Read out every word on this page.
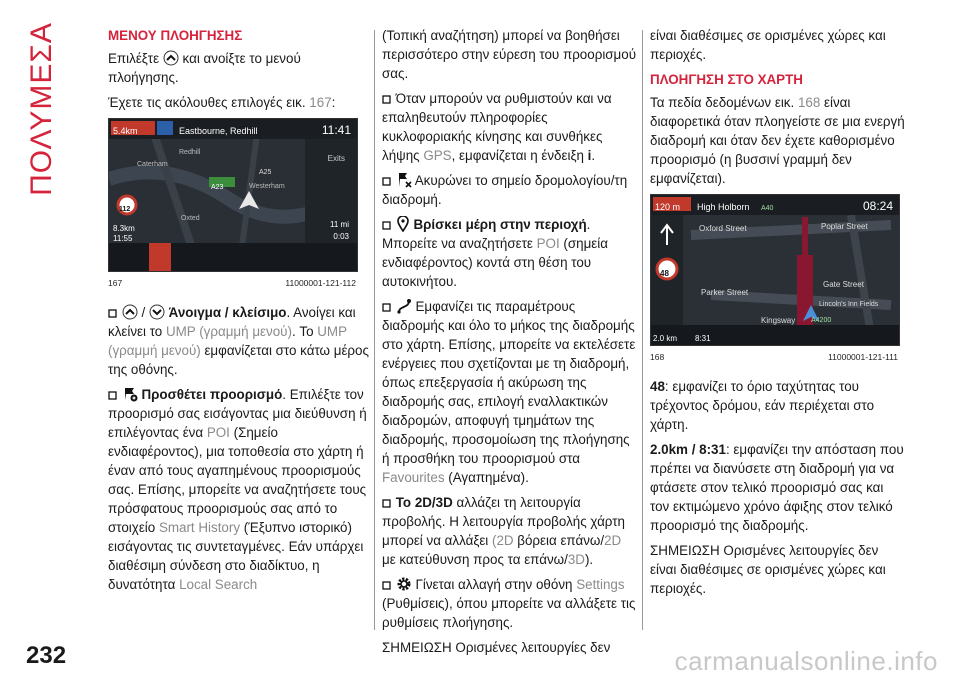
ΠΟΛΥΜΕΣΑ	ΜΕΝΟΥ ΠΛΟΗΓΗΣΗΣ

Επιλέξτε και ανοίξτε το μενού πλοήγησης.

Έχετε τις ακόλουθες επιλογές εικ. 167:

5.4km	Eastbourne, Redhill	11:41
Exits
A23
A25
112
8.3km
11:55	0:03
11 mi
Caterham
Redhill
Oxted
Westerham
167	11000001-121-112

/ Άνοιγμα / κλείσιμο. Ανοίγει και κλείνει το UMP (γραμμή μενού). Το UMP (γραμμή μενού) εμφανίζεται στο κάτω μέρος της οθόνης.

Προσθέτει προορισμό. Επιλέξτε τον προορισμό σας εισάγοντας μια διεύθυνση ή επιλέγοντας ένα POI (Σημείο ενδιαφέροντος), μια τοποθεσία στο χάρτη ή έναν από τους αγαπημένους προορισμούς σας. Επίσης, μπορείτε να αναζητήσετε τους πρόσφατους προορισμούς σας από το στοιχείο Smart History (Έξυπνο ιστορικό) εισάγοντας τις συντεταγμένες. Εάν υπάρχει διαθέσιμη σύνδεση στο διαδίκτυο, η δυνατότητα Local Search

(Τοπική αναζήτηση) μπορεί να βοηθήσει περισσότερο στην εύρεση του προορισμού σας.

Όταν μπορούν να ρυθμιστούν και να επαληθευτούν πληροφορίες κυκλοφοριακής κίνησης και συνθήκες λήψης GPS, εμφανίζεται η ένδειξη i.

Ακυρώνει το σημείο δρομολογίου/τη διαδρομή.

Βρίσκει μέρη στην περιοχή. Μπορείτε να αναζητήσετε POI (σημεία ενδιαφέροντος) κοντά στη θέση του αυτοκινήτου.

Εμφανίζει τις παραμέτρους διαδρομής και όλο το μήκος της διαδρομής στο χάρτη. Επίσης, μπορείτε να εκτελέσετε ενέργειες που σχετίζονται με τη διαδρομή, όπως επεξεργασία ή ακύρωση της διαδρομής σας, επιλογή εναλλακτικών διαδρομών, αποφυγή τμημάτων της διαδρομής, προσομοίωση της πλοήγησης ή προσθήκη του προορισμού στα Favourites (Αγαπημένα).

Το 2D/3D αλλάζει τη λειτουργία προβολής. Η λειτουργία προβολής χάρτη μπορεί να αλλάξει (2D βόρεια επάνω/2D με κατεύθυνση προς τα επάνω/3D).

Γίνεται αλλαγή στην οθόνη Settings (Ρυθμίσεις), όπου μπορείτε να αλλάξετε τις ρυθμίσεις πλοήγησης.

ΣΗΜΕΙΩΣΗ Ορισμένες λειτουργίες δεν

είναι διαθέσιμες σε ορισμένες χώρες και περιοχές.

ΠΛΟΗΓΗΣΗ ΣΤΟ ΧΑΡΤΗ

Τα πεδία δεδομένων εικ. 168 είναι διαφορετικά όταν πλοηγείστε σε μια ενεργή διαδρομή και όταν δεν έχετε καθορισμένο προορισμό (η βυσσινί γραμμή δεν εμφανίζεται).

120 m High Holborn A40	08:24
Oxford Street	Poplar Street
Gate Street
Parker Street
Lincoln's Inn Fields
Kingsway A4200
48
2.0 km 8:31
168	11000001-121-111

48: εμφανίζει το όριο ταχύτητας του τρέχοντος δρόμου, εάν περιέχεται στο χάρτη.

2.0km / 8:31: εμφανίζει την απόσταση που πρέπει να διανύσετε στη διαδρομή για να φτάσετε στον τελικό προορισμό σας και τον εκτιμώμενο χρόνο άφιξης στον τελικό προορισμό της διαδρομής.

ΣΗΜΕΙΩΣΗ Ορισμένες λειτουργίες δεν είναι διαθέσιμες σε ορισμένες χώρες και περιοχές.

232	carmanualsonline.info
